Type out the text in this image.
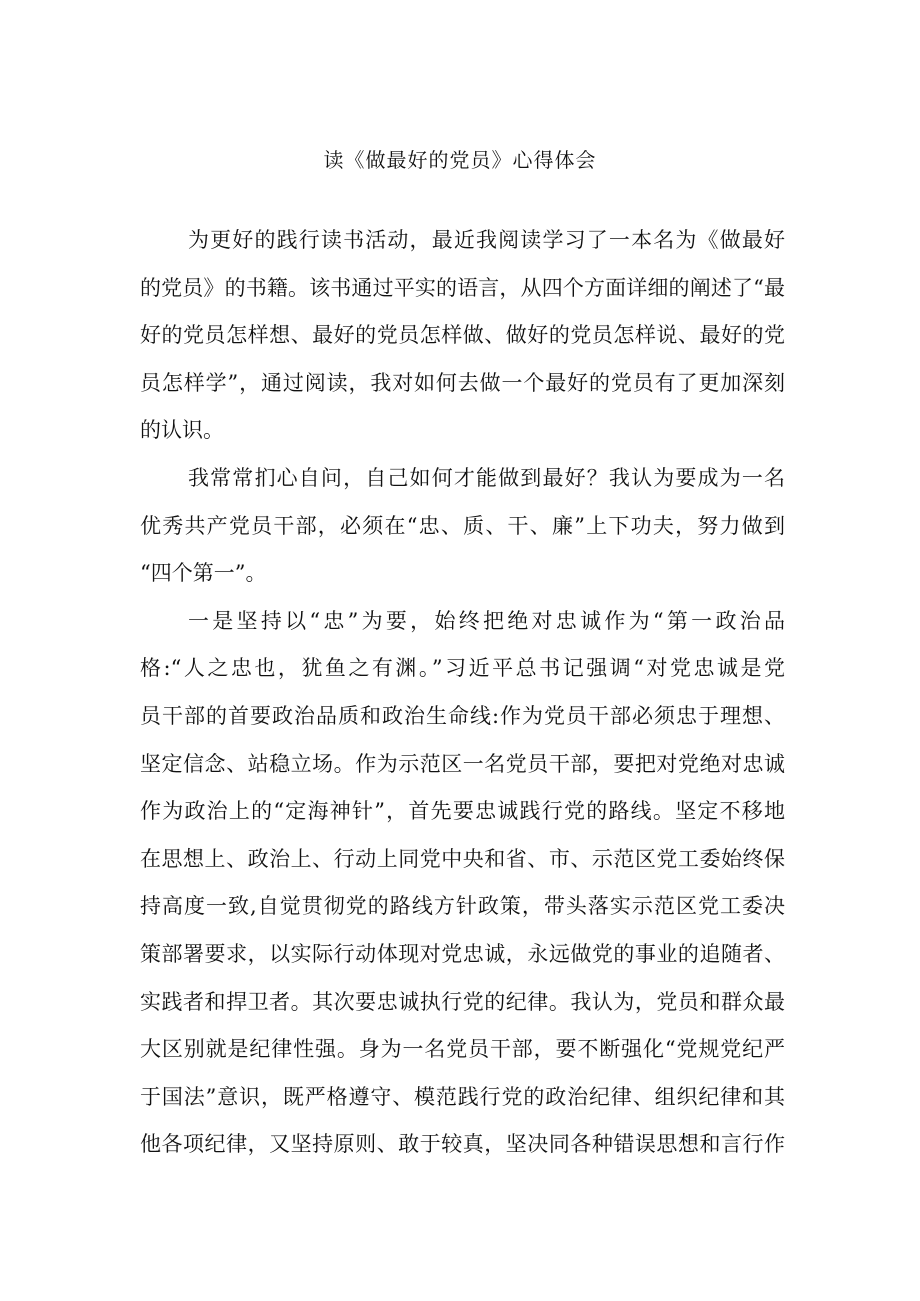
读《做最好的党员》心得体会
为更好的践行读书活动，最近我阅读学习了一本名为《做最好
的党员》的书籍。该书通过平实的语言，从四个方面详细的阐述了“最
好的党员怎样想、最好的党员怎样做、做好的党员怎样说、最好的党
员怎样学”，通过阅读，我对如何去做一个最好的党员有了更加深刻
的认识。
我常常扪心自问，自己如何才能做到最好？我认为要成为一名
优秀共产党员干部，必须在“忠、质、干、廉”上下功夫，努力做到
“四个第一”。
一是坚持以“忠”为要，始终把绝对忠诚作为“第一政治品
格:“人之忠也，犹鱼之有渊。”习近平总书记强调“对党忠诚是党
员干部的首要政治品质和政治生命线:作为党员干部必须忠于理想、
坚定信念、站稳立场。作为示范区一名党员干部，要把对党绝对忠诚
作为政治上的“定海神针”，首先要忠诚践行党的路线。坚定不移地
在思想上、政治上、行动上同党中央和省、市、示范区党工委始终保
持高度一致,自觉贯彻党的路线方针政策，带头落实示范区党工委决
策部署要求，以实际行动体现对党忠诚，永远做党的事业的追随者、
实践者和捍卫者。其次要忠诚执行党的纪律。我认为，党员和群众最
大区别就是纪律性强。身为一名党员干部，要不断强化“党规党纪严
于国法”意识，既严格遵守、模范践行党的政治纪律、组织纪律和其
他各项纪律，又坚持原则、敢于较真，坚决同各种错误思想和言行作
